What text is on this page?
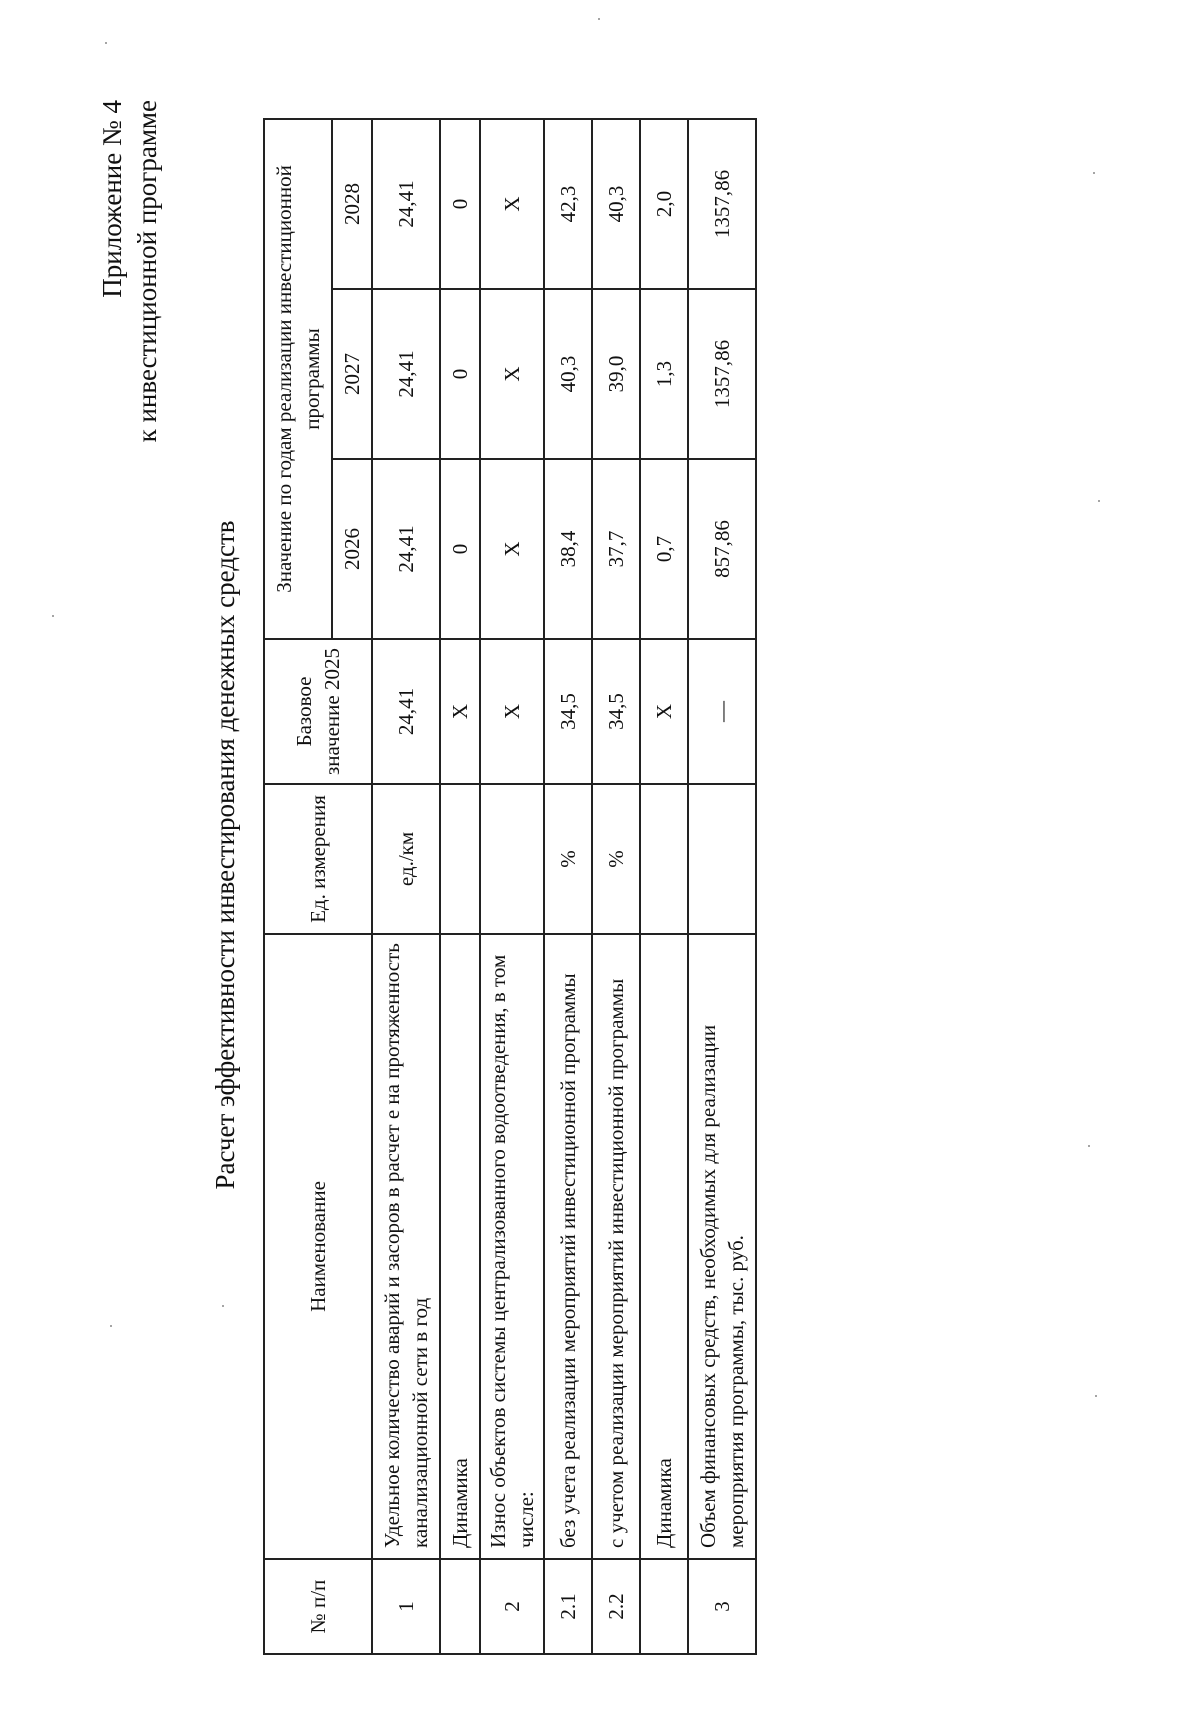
Приложение № 4 к инвестиционной программе
Расчет эффективности инвестирования денежных средств
№ п/п	Наименование	Ед. измерения	Базовое значение 2025	Значение по годам реализации инвестиционной программы		
				2026	2027	2028
1	Удельное количество аварий и засоров в расчет е на протяженность канализационной сети в год	ед./км	24,41	24,41	24,41	24,41
	Динамика		Х	0	0	0
2	Износ объектов системы централизованного водоотведения, в том числе:		Х	Х	Х	Х
2.1	без учета реализации мероприятий инвестиционной программы	%	34,5	38,4	40,3	42,3
2.2	с учетом реализации мероприятий инвестиционной программы	%	34,5	37,7	39,0	40,3
	Динамика		Х	0,7	1,3	2,0
3	Объем финансовых средств, необходимых для реализации мероприятия программы, тыс. руб.		—	857,86	1357,86	1357,86
